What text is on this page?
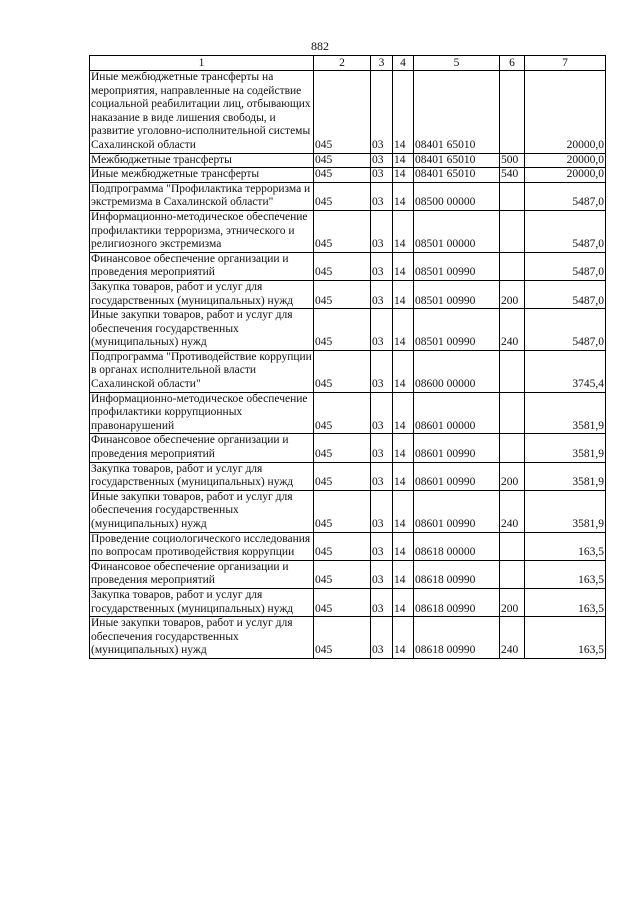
882
1	2	3	4	5	6	7
Иные межбюджетные трансферты на мероприятия, направленные на содействие социальной реабилитации лиц, отбывающих наказание в виде лишения свободы, и развитие уголовно-исполнительной системы Сахалинской области	045	03	14	08401 65010		20000,0
Межбюджетные трансферты	045	03	14	08401 65010	500	20000,0
Иные межбюджетные трансферты	045	03	14	08401 65010	540	20000,0
Подпрограмма "Профилактика терроризма и экстремизма в Сахалинской области"	045	03	14	08500 00000		5487,0
Информационно-методическое обеспечение профилактики терроризма, этнического и религиозного экстремизма	045	03	14	08501 00000		5487,0
Финансовое обеспечение организации и проведения мероприятий	045	03	14	08501 00990		5487,0
Закупка товаров, работ и услуг для государственных (муниципальных) нужд	045	03	14	08501 00990	200	5487,0
Иные закупки товаров, работ и услуг для обеспечения государственных (муниципальных) нужд	045	03	14	08501 00990	240	5487,0
Подпрограмма "Противодействие коррупции в органах исполнительной власти Сахалинской области"	045	03	14	08600 00000		3745,4
Информационно-методическое обеспечение профилактики коррупционных правонарушений	045	03	14	08601 00000		3581,9
Финансовое обеспечение организации и проведения мероприятий	045	03	14	08601 00990		3581,9
Закупка товаров, работ и услуг для государственных (муниципальных) нужд	045	03	14	08601 00990	200	3581,9
Иные закупки товаров, работ и услуг для обеспечения государственных (муниципальных) нужд	045	03	14	08601 00990	240	3581,9
Проведение социологического исследования по вопросам противодействия коррупции	045	03	14	08618 00000		163,5
Финансовое обеспечение организации и проведения мероприятий	045	03	14	08618 00990		163,5
Закупка товаров, работ и услуг для государственных (муниципальных) нужд	045	03	14	08618 00990	200	163,5
Иные закупки товаров, работ и услуг для обеспечения государственных (муниципальных) нужд	045	03	14	08618 00990	240	163,5
